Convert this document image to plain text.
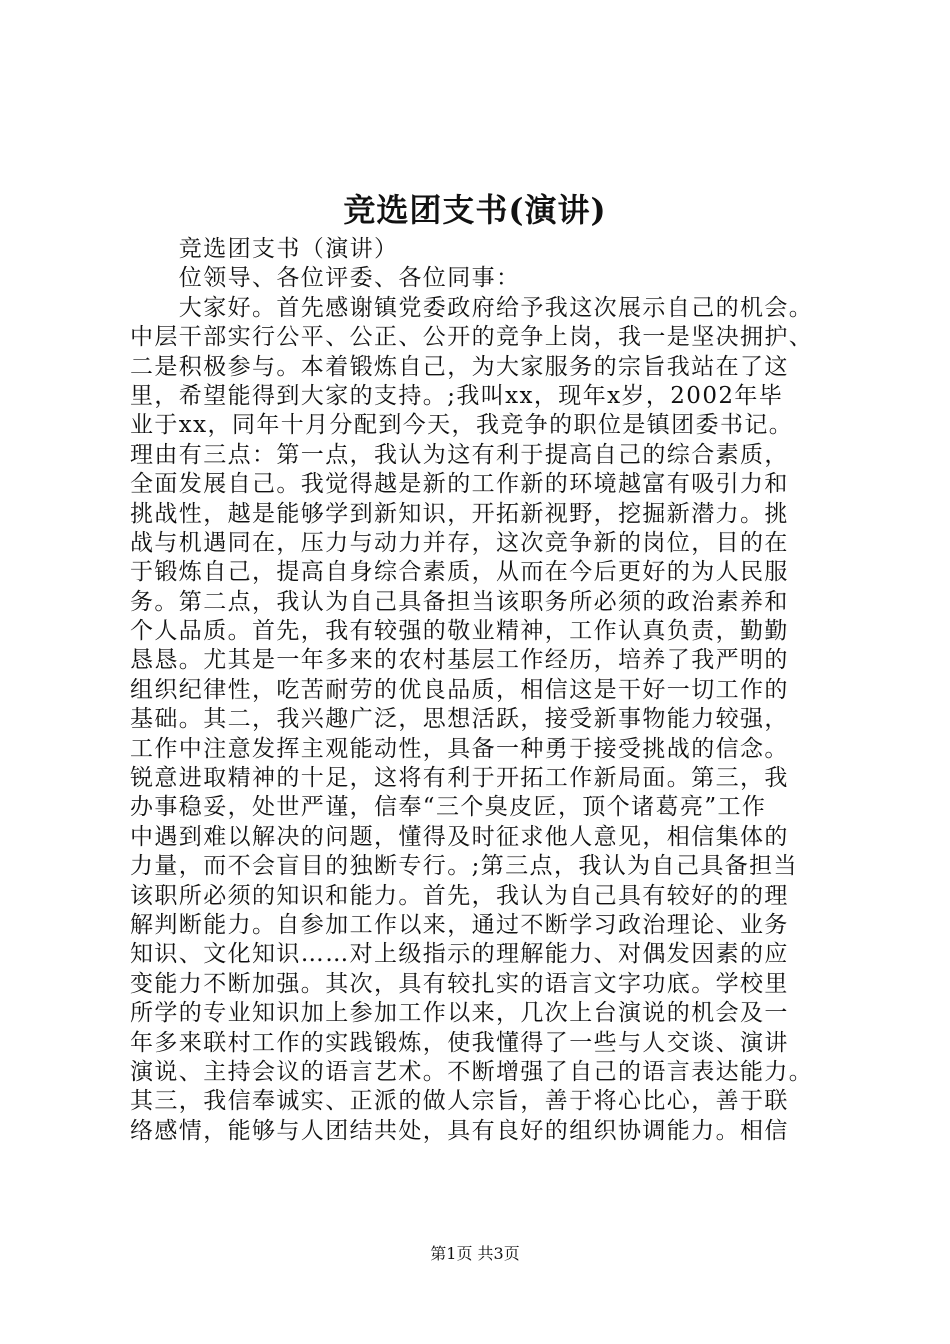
竞选团支书(演讲)
　　竞选团支书（演讲）
　　位领导、各位评委、各位同事：
　　大家好。首先感谢镇党委政府给予我这次展示自己的机会。
中层干部实行公平、公正、公开的竞争上岗，我一是坚决拥护、
二是积极参与。本着锻炼自己，为大家服务的宗旨我站在了这
里，希望能得到大家的支持。;我叫xx，现年x岁，2002年毕
业于xx，同年十月分配到今天，我竞争的职位是镇团委书记。
理由有三点：第一点，我认为这有利于提高自己的综合素质，
全面发展自己。我觉得越是新的工作新的环境越富有吸引力和
挑战性，越是能够学到新知识，开拓新视野，挖掘新潜力。挑
战与机遇同在，压力与动力并存，这次竞争新的岗位，目的在
于锻炼自己，提高自身综合素质，从而在今后更好的为人民服
务。第二点，我认为自己具备担当该职务所必须的政治素养和
个人品质。首先，我有较强的敬业精神，工作认真负责，勤勤
恳恳。尤其是一年多来的农村基层工作经历，培养了我严明的
组织纪律性，吃苦耐劳的优良品质，相信这是干好一切工作的
基础。其二，我兴趣广泛，思想活跃，接受新事物能力较强，
工作中注意发挥主观能动性，具备一种勇于接受挑战的信念。
锐意进取精神的十足，这将有利于开拓工作新局面。第三，我
办事稳妥，处世严谨，信奉“三个臭皮匠，顶个诸葛亮”工作
中遇到难以解决的问题，懂得及时征求他人意见，相信集体的
力量，而不会盲目的独断专行。;第三点，我认为自己具备担当
该职所必须的知识和能力。首先，我认为自己具有较好的的理
解判断能力。自参加工作以来，通过不断学习政治理论、业务
知识、文化知识……对上级指示的理解能力、对偶发因素的应
变能力不断加强。其次，具有较扎实的语言文字功底。学校里
所学的专业知识加上参加工作以来，几次上台演说的机会及一
年多来联村工作的实践锻炼，使我懂得了一些与人交谈、演讲
演说、主持会议的语言艺术。不断增强了自己的语言表达能力。
其三，我信奉诚实、正派的做人宗旨，善于将心比心，善于联
络感情，能够与人团结共处，具有良好的组织协调能力。相信
第1页 共3页
